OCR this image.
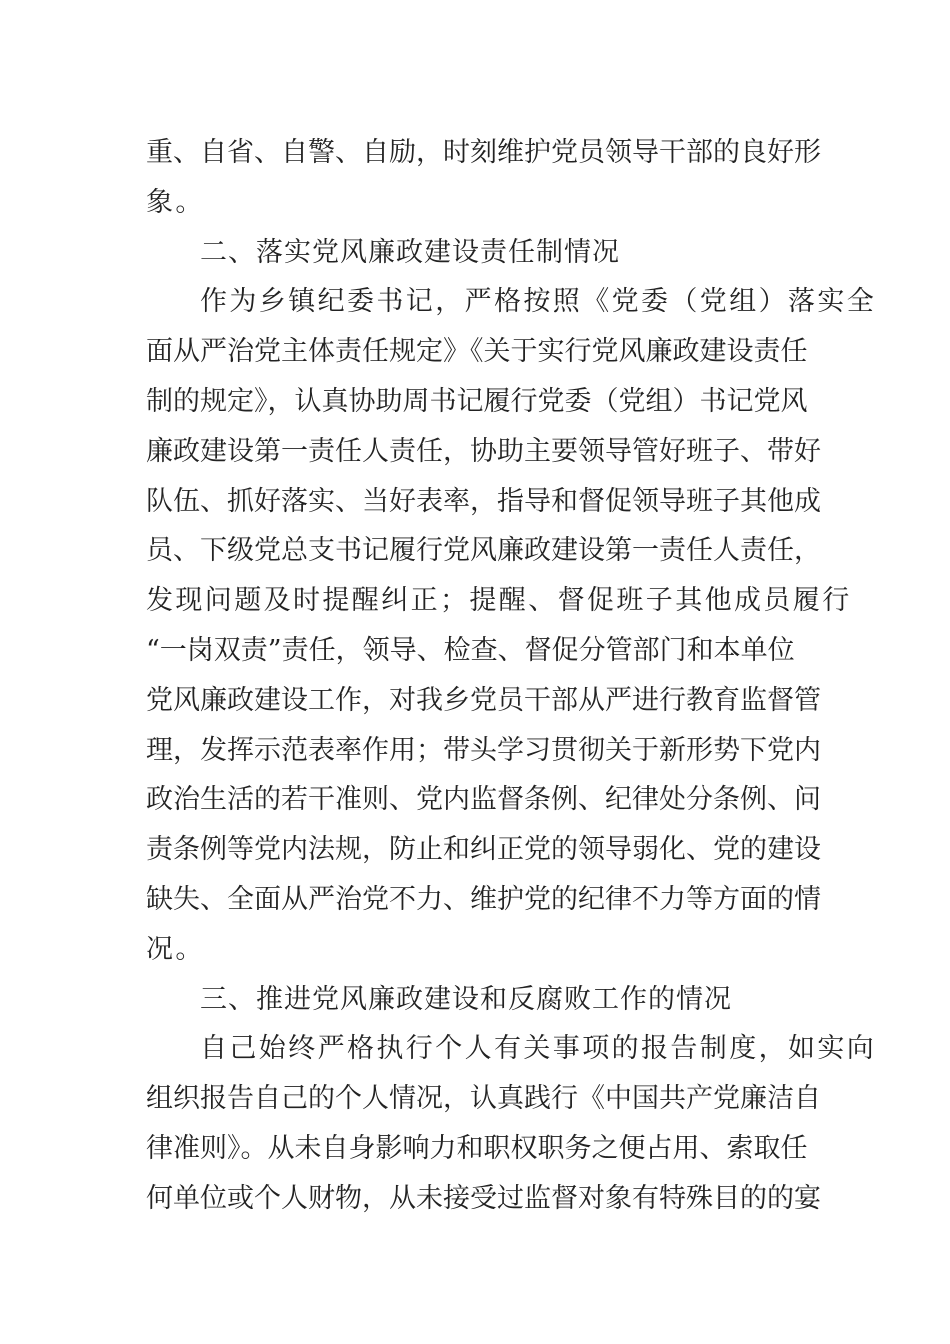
重、自省、自警、自励，时刻维护党员领导干部的良好形
象。
二、落实党风廉政建设责任制情况
作为乡镇纪委书记，严格按照《党委（党组）落实全
面从严治党主体责任规定》《关于实行党风廉政建设责任
制的规定》，认真协助周书记履行党委（党组）书记党风
廉政建设第一责任人责任，协助主要领导管好班子、带好
队伍、抓好落实、当好表率，指导和督促领导班子其他成
员、下级党总支书记履行党风廉政建设第一责任人责任，
发现问题及时提醒纠正；提醒、督促班子其他成员履行
“一岗双责”责任，领导、检查、督促分管部门和本单位
党风廉政建设工作，对我乡党员干部从严进行教育监督管
理，发挥示范表率作用；带头学习贯彻关于新形势下党内
政治生活的若干准则、党内监督条例、纪律处分条例、问
责条例等党内法规，防止和纠正党的领导弱化、党的建设
缺失、全面从严治党不力、维护党的纪律不力等方面的情
况。
三、推进党风廉政建设和反腐败工作的情况
自己始终严格执行个人有关事项的报告制度，如实向
组织报告自己的个人情况，认真践行《中国共产党廉洁自
律准则》。从未自身影响力和职权职务之便占用、索取任
何单位或个人财物，从未接受过监督对象有特殊目的的宴
